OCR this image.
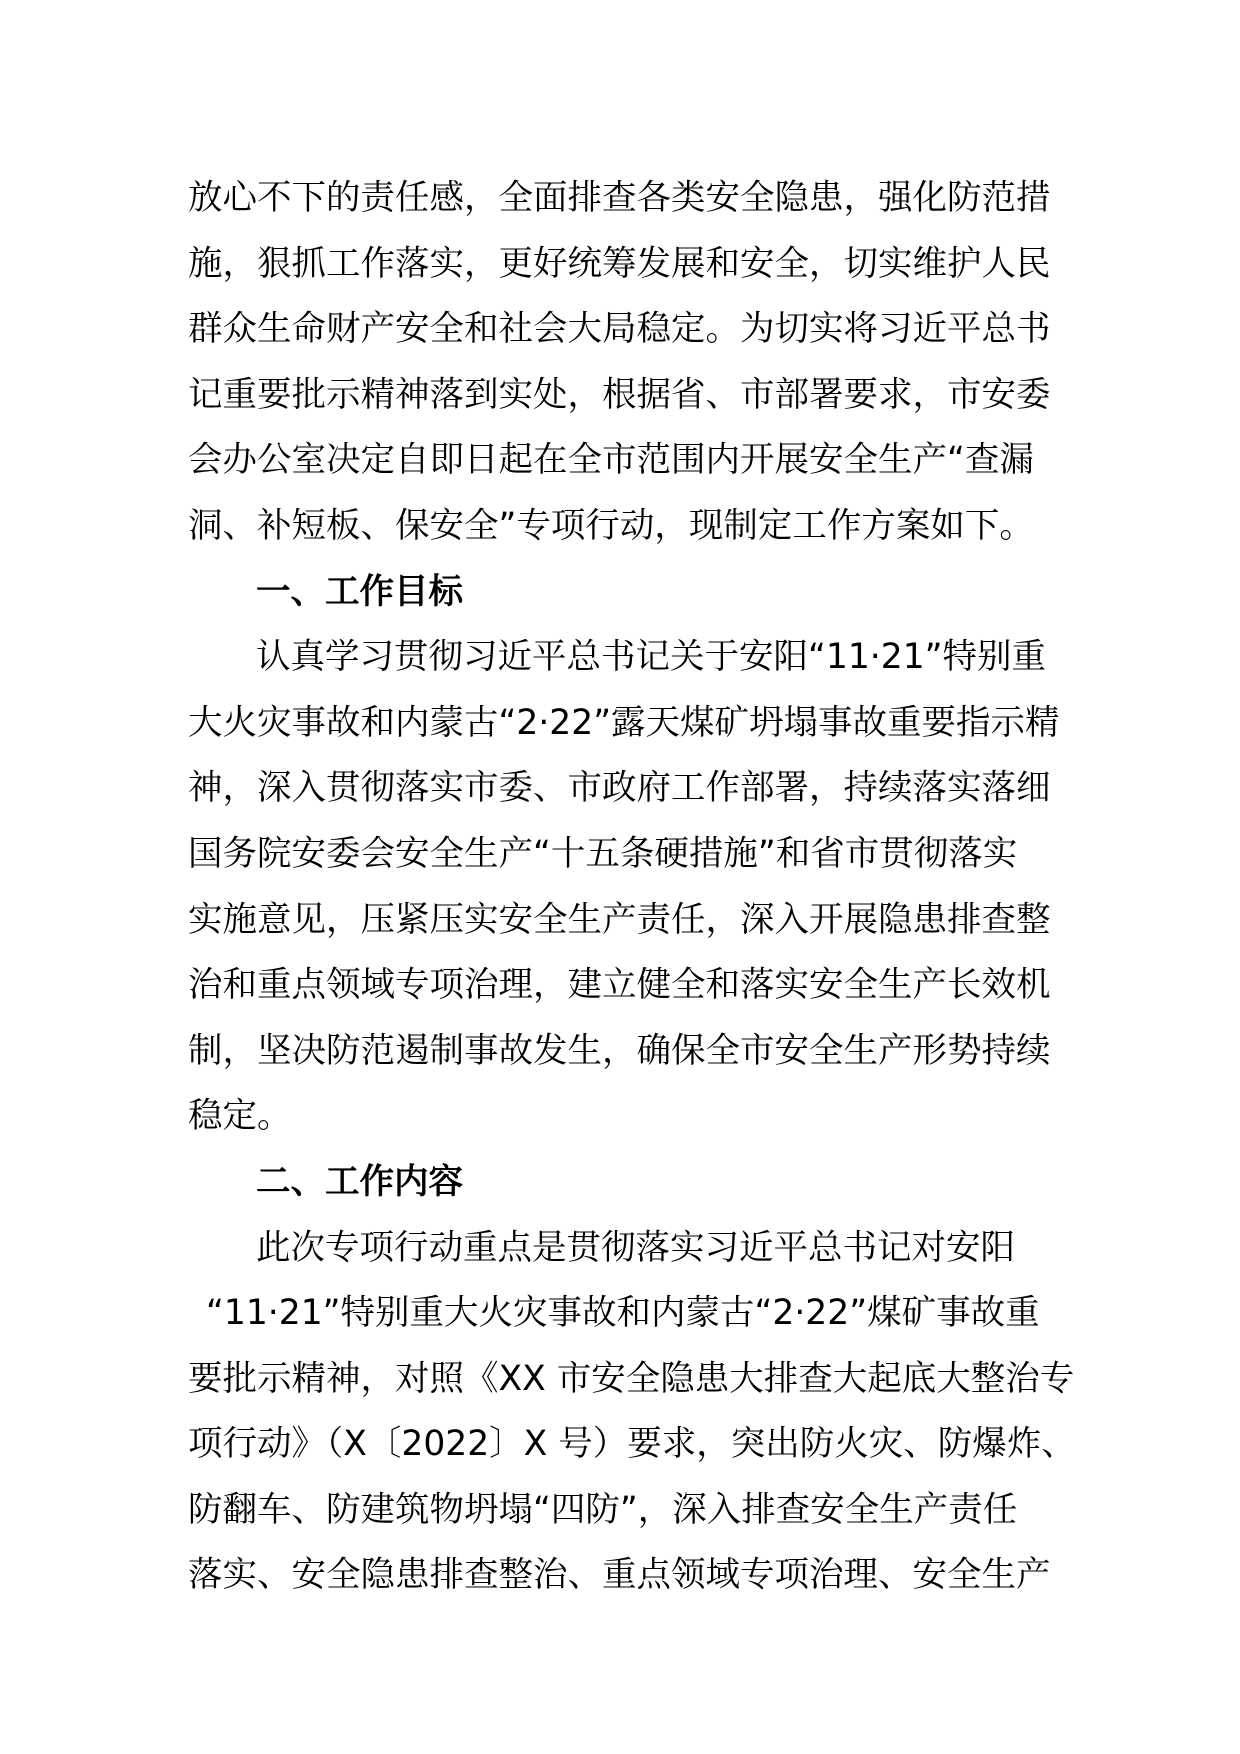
放心不下的责任感，全面排查各类安全隐患，强化防范措
施，狠抓工作落实，更好统筹发展和安全，切实维护人民
群众生命财产安全和社会大局稳定。为切实将习近平总书
记重要批示精神落到实处，根据省、市部署要求，市安委
会办公室决定自即日起在全市范围内开展安全生产“查漏
洞、补短板、保安全”专项行动，现制定工作方案如下。
一、工作目标
认真学习贯彻习近平总书记关于安阳“11·21”特别重
大火灾事故和内蒙古“2·22”露天煤矿坍塌事故重要指示精
神，深入贯彻落实市委、市政府工作部署，持续落实落细
国务院安委会安全生产“十五条硬措施”和省市贯彻落实
实施意见，压紧压实安全生产责任，深入开展隐患排查整
治和重点领域专项治理，建立健全和落实安全生产长效机
制，坚决防范遏制事故发生，确保全市安全生产形势持续
稳定。
二、工作内容
此次专项行动重点是贯彻落实习近平总书记对安阳
“11·21”特别重大火灾事故和内蒙古“2·22”煤矿事故重
要批示精神，对照《XX 市安全隐患大排查大起底大整治专
项行动》（X〔2022〕X 号）要求，突出防火灾、防爆炸、
防翻车、防建筑物坍塌“四防”，深入排查安全生产责任
落实、安全隐患排查整治、重点领域专项治理、安全生产
